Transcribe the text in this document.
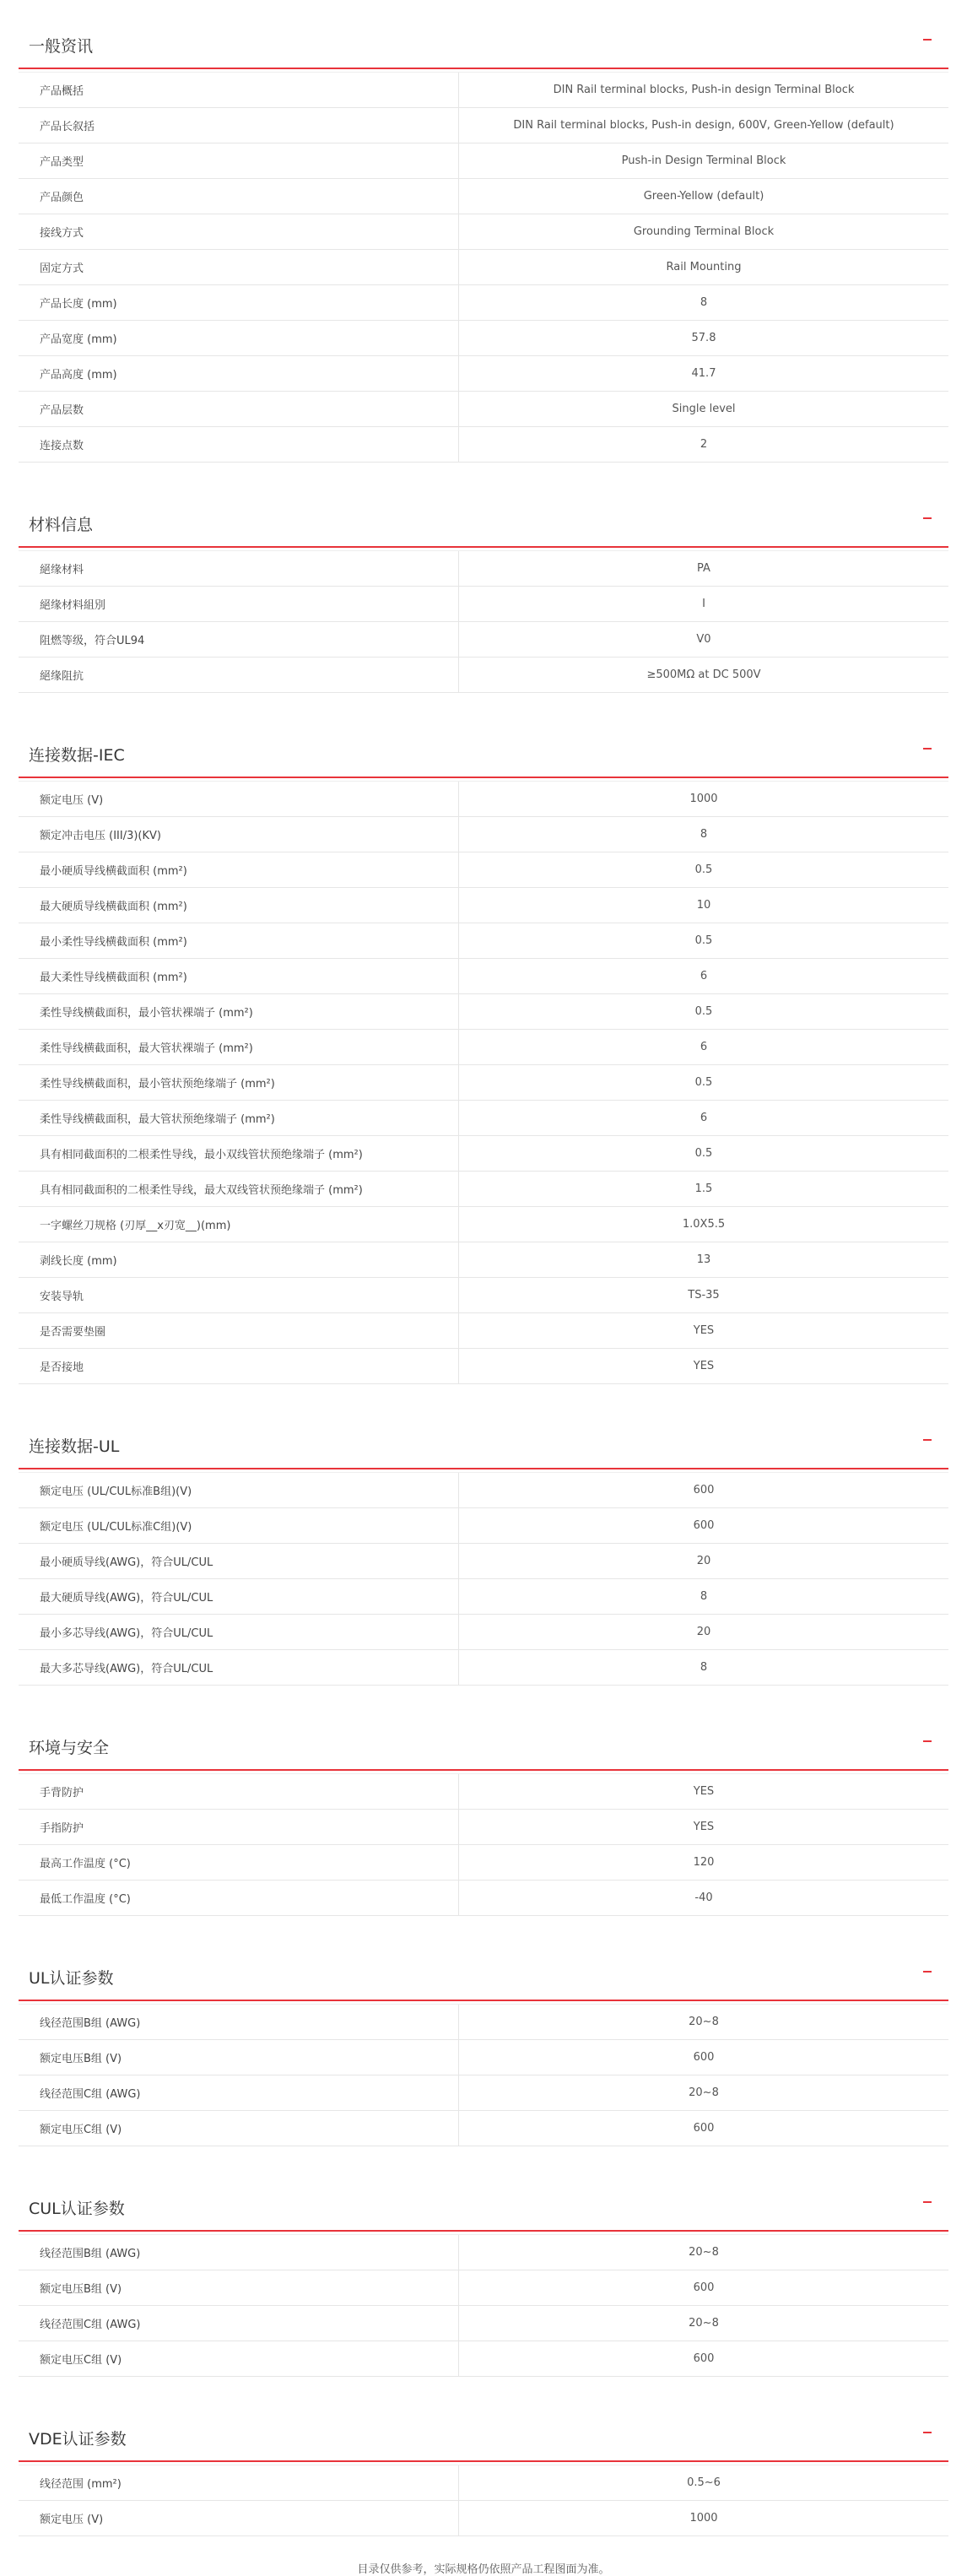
一般资讯
产品概括	DIN Rail terminal blocks, Push-in design Terminal Block
产品长叙括	DIN Rail terminal blocks, Push-in design, 600V, Green-Yellow (default)
产品类型	Push-in Design Terminal Block
产品颜色	Green-Yellow (default)
接线方式	Grounding Terminal Block
固定方式	Rail Mounting
产品长度 (mm)	8
产品宽度 (mm)	57.8
产品高度 (mm)	41.7
产品层数	Single level
连接点数	2
材料信息
絕缘材料	PA
絕缘材料組別	I
阻燃等级，符合UL94	V0
絕缘阻抗	≥500MΩ at DC 500V
连接数据-IEC
额定电压 (V)	1000
额定冲击电压 (III/3)(KV)	8
最小硬质导线横截面积 (mm²)	0.5
最大硬质导线横截面积 (mm²)	10
最小柔性导线横截面积 (mm²)	0.5
最大柔性导线横截面积 (mm²)	6
柔性导线横截面积，最小管状裸端子 (mm²)	0.5
柔性导线横截面积，最大管状裸端子 (mm²)	6
柔性导线横截面积，最小管状预绝缘端子 (mm²)	0.5
柔性导线横截面积，最大管状预绝缘端子 (mm²)	6
具有相同截面积的二根柔性导线，最小双线管状预绝缘端子 (mm²)	0.5
具有相同截面积的二根柔性导线，最大双线管状预绝缘端子 (mm²)	1.5
一字螺丝刀规格 (刃厚__x刃宽__)(mm)	1.0X5.5
剥线长度 (mm)	13
安装导轨	TS-35
是否需要垫圈	YES
是否接地	YES
连接数据-UL
额定电压 (UL/CUL标准B组)(V)	600
额定电压 (UL/CUL标准C组)(V)	600
最小硬质导线(AWG)，符合UL/CUL	20
最大硬质导线(AWG)，符合UL/CUL	8
最小多芯导线(AWG)，符合UL/CUL	20
最大多芯导线(AWG)，符合UL/CUL	8
环境与安全
手背防护	YES
手指防护	YES
最高工作温度 (°C)	120
最低工作温度 (°C)	-40
UL认证参数
线径范围B组 (AWG)	20~8
额定电压B组 (V)	600
线径范围C组 (AWG)	20~8
额定电压C组 (V)	600
CUL认证参数
线径范围B组 (AWG)	20~8
额定电压B组 (V)	600
线径范围C组 (AWG)	20~8
额定电压C组 (V)	600
VDE认证参数
线径范围 (mm²)	0.5~6
额定电压 (V)	1000
目录仅供参考，实际规格仍依照产品工程图面为准。
